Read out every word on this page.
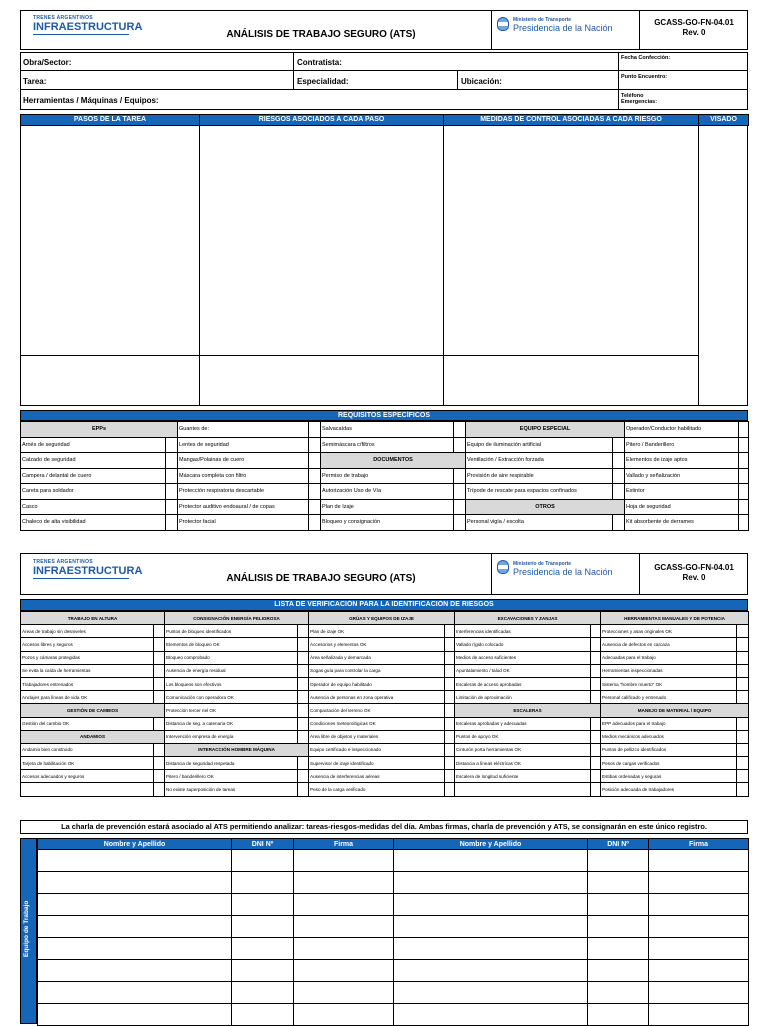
TRENES ARGENTINOS
INFRAESTRUCTURA
ANÁLISIS DE TRABAJO SEGURO (ATS)
Ministerio de Transporte
Presidencia de la Nación
GCASS-GO-FN-04.01
Rev. 0
Obra/Sector:	Contratista:	Fecha Confección:
Tarea:	Especialidad:	Ubicación:	Punto Encuentro:
Herramientas / Máquinas / Equipos:	Teléfono Emergencias:
PASOS DE LA TAREA	RIESGOS ASOCIADOS A CADA PASO	MEDIDAS DE CONTROL ASOCIADAS A CADA RIESGO	VISADO
REQUISITOS ESPECÍFICOS
EPPs		Guantes de:		Salvacaídas		EQUIPO ESPECIAL		Operador/Conductor habilitado	
Arnés de seguridad		Lentes de seguridad		Semimáscara c/filtros		Equipo de iluminación artificial		Pitero / Banderillero	
Calzado de seguridad		Mangas/Polainas de cuero		DOCUMENTOS		Ventilación / Extracción forzada		Elementos de izaje aptos	
Campera / delantal de cuero		Máscara completa con filtro		Permiso de trabajo		Provisión de aire respirable		Vallado y señalización	
Careta para soldador		Protección respiratoria descartable		Autorización Uso de Vía		Trípode de rescate para espacios confinados		Extintor	
Casco		Protector auditivo endoaural / de copas		Plan de Izaje		OTROS		Hoja de seguridad	
Chaleco de alta visibilidad		Protector facial		Bloqueo y consignación		Personal vigía / escolta		Kit absorbente de derrames	
TRENES ARGENTINOS
INFRAESTRUCTURA
ANÁLISIS DE TRABAJO SEGURO (ATS)
Ministerio de Transporte
Presidencia de la Nación	GCASS-GO-FN-04.01
Rev. 0
LISTA DE VERIFICACIÓN PARA LA IDENTIFICACIÓN DE RIESGOS
TRABAJO EN ALTURA		CONSIGNACIÓN ENERGÍA PELIGROSA		GRÚAS Y EQUIPOS DE IZAJE		EXCAVACIONES Y ZANJAS		HERRAMIENTAS MANUALES Y DE POTENCIA	
Áreas de trabajo sin desniveles		Puntos de bloqueo identificados		Plan de izaje OK		Interferencias identificadas		Protecciones y asas originales OK	
Accesos libres y seguros		Elementos de bloqueo OK		Accesorios y elementos OK		Vallado rígido colocado		Ausencia de defectos en carcaza	
Pozos y cámaras protegidas		Bloqueo comprobado		Área señalizada y demarcada		Medios de acceso suficientes		Adecuadas para el trabajo	
Se evita la caída de herramientas		Ausencia de energía residual		Sogas guía para controlar la carga		Apuntalamiento / talud OK		Herramientas inspeccionadas	
Trabajadores entrenados		Los bloqueos son efectivos		Operador de equipo habilitado		Escaleras de acceso aprobadas		Sistema "hombre muerto" OK	
Anclajes para líneas de vida OK		Comunicación con operadora OK		Ausencia de personas en zona operativa		Limitación de aproximación		Personal calificado y entrenado	
GESTIÓN DE CAMBIOS		Protección tercer riel OK		Compactación del terreno OK		ESCALERAS		MANEJO DE MATERIAL / EQUIPO	
Gestión del cambio OK		Distancia de seg. a catenaria OK		Condiciones meteorológicas OK		Escaleras aprobadas y adecuadas		EPP adecuados para el trabajo	
ANDAMIOS		Intervención empresa de energía		Área libre de objetos y materiales		Puntos de apoyo OK		Medios mecánicos adecuados	
Andamio bien construido		INTERACCIÓN HOMBRE MÁQUINA		Equipo certificado e inspeccionado		Cinturón porta herramientas OK		Puntos de pellizco identificados	
Tarjeta de habilitación OK		Distancia de seguridad respetada		Supervisor de izaje identificado		Distancia a líneas eléctricas OK		Pesos de cargas verificados	
Accesos adecuados y seguros		Pitero / banderillero OK		Ausencia de interferencias aéreas		Escalera de longitud suficiente		Estibas ordenadas y seguras	
		No existe superposición de tareas		Peso de la carga verificado				Posición adecuada de trabajadores	
La charla de prevención estará asociado al ATS permitiendo analizar: tareas-riesgos-medidas del día. Ambas firmas, charla de prevención y ATS, se consignarán en este único registro.
Equipo de Trabajo
Nombre y Apellido	DNI Nº	Firma	Nombre y Apellido	DNI Nº	Firma
